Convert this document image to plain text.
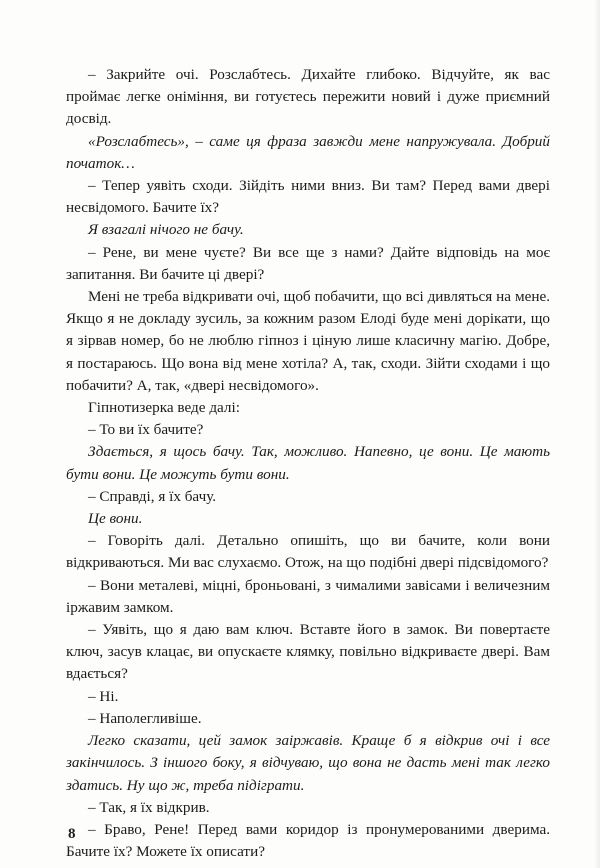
– Закрийте очі. Розслабтесь. Дихайте глибоко. Відчуйте, як вас проймає легке оніміння, ви готуєтесь пережити новий і дуже приємний досвід.

«Розслабтесь», – саме ця фраза завжди мене напружувала. Добрий початок…

– Тепер уявіть сходи. Зійдіть ними вниз. Ви там? Перед вами двері несвідомого. Бачите їх?

Я взагалі нічого не бачу.

– Рене, ви мене чуєте? Ви все ще з нами? Дайте відповідь на моє запитання. Ви бачите ці двері?

Мені не треба відкривати очі, щоб побачити, що всі дивляться на мене. Якщо я не докладу зусиль, за кожним разом Елоді буде мені дорікати, що я зірвав номер, бо не люблю гіпноз і ціную лише класичну магію. Добре, я постараюсь. Що вона від мене хотіла? А, так, сходи. Зійти сходами і що побачити? А, так, «двері несвідомого».

Гіпнотизерка веде далі:

– То ви їх бачите?

Здається, я щось бачу. Так, можливо. Напевно, це вони. Це мають бути вони. Це можуть бути вони.

– Справді, я їх бачу.

Це вони.

– Говоріть далі. Детально опишіть, що ви бачите, коли вони відкриваються. Ми вас слухаємо. Отож, на що подібні двері підсвідомого?

– Вони металеві, міцні, броньовані, з чималими завісами і величезним іржавим замком.

– Уявіть, що я даю вам ключ. Вставте його в замок. Ви повертаєте ключ, засув клацає, ви опускаєте клямку, повільно відкриваєте двері. Вам вдається?

– Ні.

– Наполегливіше.

Легко сказати, цей замок заіржавів. Краще б я відкрив очі і все закінчилось. З іншого боку, я відчуваю, що вона не дасть мені так легко здатись. Ну що ж, треба підіграти.

– Так, я їх відкрив.

– Браво, Рене! Перед вами коридор із пронумерованими дверима. Бачите їх? Можете їх описати?

8
